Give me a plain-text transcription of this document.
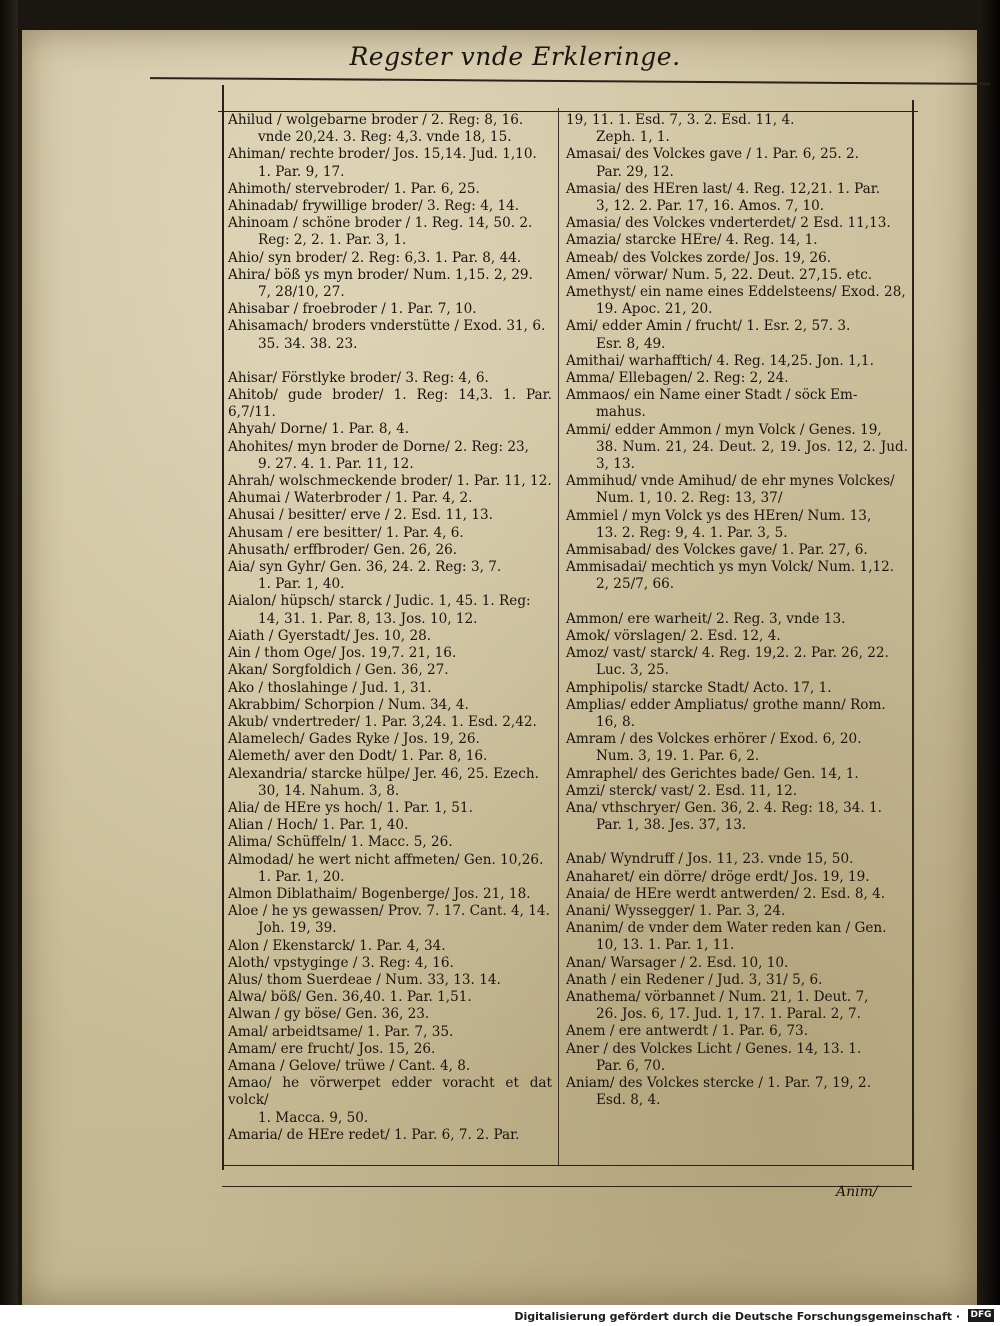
Regster vnde Erkleringe.

Ahilud / wolgebarne broder / 2. Reg: 8, 16.
vnde 20,24. 3. Reg: 4,3. vnde 18, 15.

Ahiman/ rechte broder/ Jos. 15,14. Jud. 1,10.
1. Par. 9, 17.

Ahimoth/ stervebroder/ 1. Par. 6, 25.

Ahinadab/ frywillige broder/ 3. Reg: 4, 14.

Ahinoam / schöne broder / 1. Reg. 14, 50. 2.
Reg: 2, 2. 1. Par. 3, 1.

Ahio/ syn broder/ 2. Reg: 6,3. 1. Par. 8, 44.

Ahira/ böß ys myn broder/ Num. 1,15. 2, 29.
7, 28/10, 27.

Ahisabar / froebroder / 1. Par. 7, 10.

Ahisamach/ broders vnderstütte / Exod. 31, 6.
35. 34. 38. 23.

Ahisar/ Förstlyke broder/ 3. Reg: 4, 6.

Ahitob/ gude broder/ 1. Reg: 14,3. 1. Par. 6,7/11.

Ahyah/ Dorne/ 1. Par. 8, 4.

Ahohites/ myn broder de Dorne/ 2. Reg: 23,
9. 27. 4. 1. Par. 11, 12.

Ahrah/ wolschmeckende broder/ 1. Par. 11, 12.

Ahumai / Waterbroder / 1. Par. 4, 2.

Ahusai / besitter/ erve / 2. Esd. 11, 13.

Ahusam / ere besitter/ 1. Par. 4, 6.

Ahusath/ erffbroder/ Gen. 26, 26.

Aia/ syn Gyhr/ Gen. 36, 24. 2. Reg: 3, 7.
1. Par. 1, 40.

Aialon/ hüpsch/ starck / Judic. 1, 45. 1. Reg:
14, 31. 1. Par. 8, 13. Jos. 10, 12.

Aiath / Gyerstadt/ Jes. 10, 28.

Ain / thom Oge/ Jos. 19,7. 21, 16.

Akan/ Sorgfoldich / Gen. 36, 27.

Ako / thoslahinge / Jud. 1, 31.

Akrabbim/ Schorpion / Num. 34, 4.

Akub/ vndertreder/ 1. Par. 3,24. 1. Esd. 2,42.

Alamelech/ Gades Ryke / Jos. 19, 26.

Alemeth/ aver den Dodt/ 1. Par. 8, 16.

Alexandria/ starcke hülpe/ Jer. 46, 25. Ezech.
30, 14. Nahum. 3, 8.

Alia/ de HEre ys hoch/ 1. Par. 1, 51.

Alian / Hoch/ 1. Par. 1, 40.

Alima/ Schüffeln/ 1. Macc. 5, 26.

Almodad/ he wert nicht affmeten/ Gen. 10,26.
1. Par. 1, 20.

Almon Diblathaim/ Bogenberge/ Jos. 21, 18.

Aloe / he ys gewassen/ Prov. 7. 17. Cant. 4, 14.
Joh. 19, 39.

Alon / Ekenstarck/ 1. Par. 4, 34.

Aloth/ vpstyginge / 3. Reg: 4, 16.

Alus/ thom Suerdeae / Num. 33, 13. 14.

Alwa/ böß/ Gen. 36,40. 1. Par. 1,51.

Alwan / gy böse/ Gen. 36, 23.

Amal/ arbeidtsame/ 1. Par. 7, 35.

Amam/ ere frucht/ Jos. 15, 26.

Amana / Gelove/ trüwe / Cant. 4, 8.

Amao/ he vörwerpet edder voracht et dat volck/
1. Macca. 9, 50.

Amaria/ de HEre redet/ 1. Par. 6, 7. 2. Par.

19, 11. 1. Esd. 7, 3. 2. Esd. 11, 4.
Zeph. 1, 1.

Amasai/ des Volckes gave / 1. Par. 6, 25. 2.
Par. 29, 12.

Amasia/ des HEren last/ 4. Reg. 12,21. 1. Par.
3, 12. 2. Par. 17, 16. Amos. 7, 10.

Amasia/ des Volckes vnderterdet/ 2 Esd. 11,13.

Amazia/ starcke HEre/ 4. Reg. 14, 1.

Ameab/ des Volckes zorde/ Jos. 19, 26.

Amen/ vörwar/ Num. 5, 22. Deut. 27,15. etc.

Amethyst/ ein name eines Eddelsteens/ Exod. 28,
19. Apoc. 21, 20.

Ami/ edder Amin / frucht/ 1. Esr. 2, 57. 3.
Esr. 8, 49.

Amithai/ warhafftich/ 4. Reg. 14,25. Jon. 1,1.

Amma/ Ellebagen/ 2. Reg: 2, 24.

Ammaos/ ein Name einer Stadt / söck Em-
mahus.

Ammi/ edder Ammon / myn Volck / Genes. 19,
38. Num. 21, 24. Deut. 2, 19. Jos. 12, 2. Jud. 3, 13.

Ammihud/ vnde Amihud/ de ehr mynes Volckes/
Num. 1, 10. 2. Reg: 13, 37/

Ammiel / myn Volck ys des HEren/ Num. 13,
13. 2. Reg: 9, 4. 1. Par. 3, 5.

Ammisabad/ des Volckes gave/ 1. Par. 27, 6.

Ammisadai/ mechtich ys myn Volck/ Num. 1,12.
2, 25/7, 66.

Ammon/ ere warheit/ 2. Reg. 3, vnde 13.

Amok/ vörslagen/ 2. Esd. 12, 4.

Amoz/ vast/ starck/ 4. Reg. 19,2. 2. Par. 26, 22.
Luc. 3, 25.

Amphipolis/ starcke Stadt/ Acto. 17, 1.

Amplias/ edder Ampliatus/ grothe mann/ Rom.
16, 8.

Amram / des Volckes erhörer / Exod. 6, 20.
Num. 3, 19. 1. Par. 6, 2.

Amraphel/ des Gerichtes bade/ Gen. 14, 1.

Amzi/ sterck/ vast/ 2. Esd. 11, 12.

Ana/ vthschryer/ Gen. 36, 2. 4. Reg: 18, 34. 1.
Par. 1, 38. Jes. 37, 13.

Anab/ Wyndruff / Jos. 11, 23. vnde 15, 50.

Anaharet/ ein dörre/ dröge erdt/ Jos. 19, 19.

Anaia/ de HEre werdt antwerden/ 2. Esd. 8, 4.

Anani/ Wyssegger/ 1. Par. 3, 24.

Ananim/ de vnder dem Water reden kan / Gen.
10, 13. 1. Par. 1, 11.

Anan/ Warsager / 2. Esd. 10, 10.

Anath / ein Redener / Jud. 3, 31/ 5, 6.

Anathema/ vörbannet / Num. 21, 1. Deut. 7,
26. Jos. 6, 17. Jud. 1, 17. 1. Paral. 2, 7.

Anem / ere antwerdt / 1. Par. 6, 73.

Aner / des Volckes Licht / Genes. 14, 13. 1.
Par. 6, 70.

Aniam/ des Volckes stercke / 1. Par. 7, 19, 2.
Esd. 8, 4.

Anim/
Digitalisierung gefördert durch die Deutsche Forschungsgemeinschaft · DFG
